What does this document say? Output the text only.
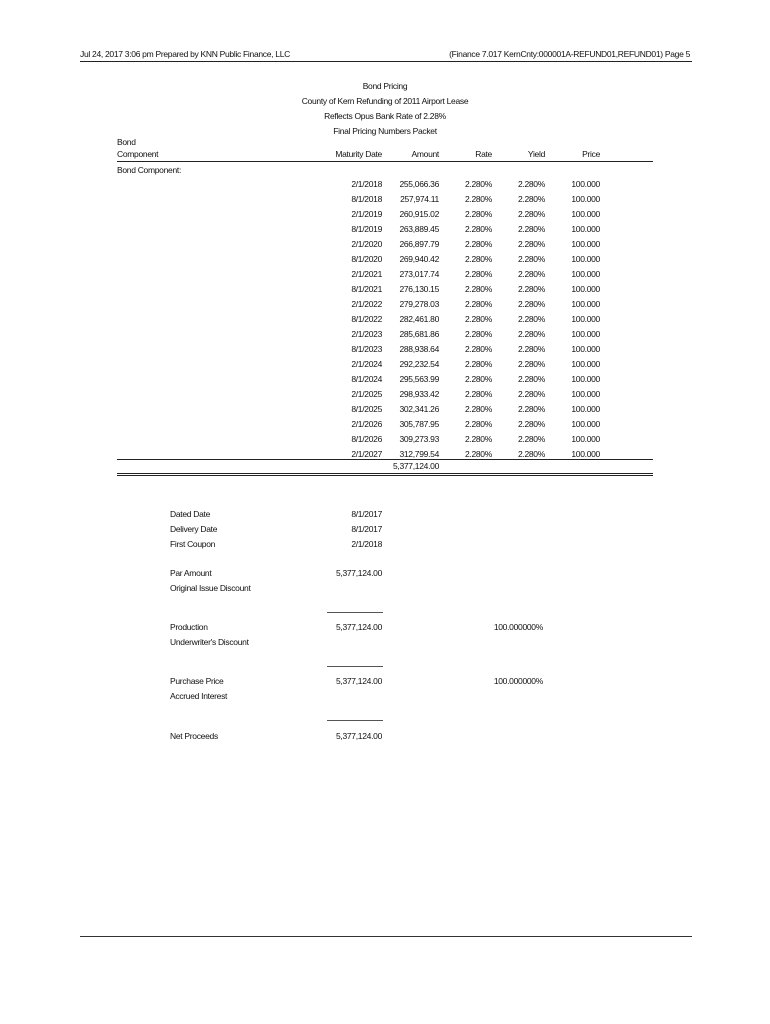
Jul 24, 2017 3:06 pm Prepared by KNN Public Finance, LLC	(Finance 7.017 KernCnty:000001A-REFUND01,REFUND01) Page 5
Bond Pricing
County of Kern Refunding of 2011 Airport Lease
Reflects Opus Bank Rate of 2.28%
Final Pricing Numbers Packet
Bond
Component	Maturity Date	Amount	Rate	Yield	Price
Bond Component:
2/1/2018	255,066.36	2.280%	2.280%	100.000
8/1/2018	257,974.11	2.280%	2.280%	100.000
2/1/2019	260,915.02	2.280%	2.280%	100.000
8/1/2019	263,889.45	2.280%	2.280%	100.000
2/1/2020	266,897.79	2.280%	2.280%	100.000
8/1/2020	269,940.42	2.280%	2.280%	100.000
2/1/2021	273,017.74	2.280%	2.280%	100.000
8/1/2021	276,130.15	2.280%	2.280%	100.000
2/1/2022	279,278.03	2.280%	2.280%	100.000
8/1/2022	282,461.80	2.280%	2.280%	100.000
2/1/2023	285,681.86	2.280%	2.280%	100.000
8/1/2023	288,938.64	2.280%	2.280%	100.000
2/1/2024	292,232.54	2.280%	2.280%	100.000
8/1/2024	295,563.99	2.280%	2.280%	100.000
2/1/2025	298,933.42	2.280%	2.280%	100.000
8/1/2025	302,341.26	2.280%	2.280%	100.000
2/1/2026	305,787.95	2.280%	2.280%	100.000
8/1/2026	309,273.93	2.280%	2.280%	100.000
2/1/2027	312,799.54	2.280%	2.280%	100.000
5,377,124.00
Dated Date	8/1/2017
Delivery Date	8/1/2017
First Coupon	2/1/2018
Par Amount	5,377,124.00
Original Issue Discount
Production	5,377,124.00	100.000000%
Underwriter's Discount
Purchase Price	5,377,124.00	100.000000%
Accrued Interest
Net Proceeds	5,377,124.00
